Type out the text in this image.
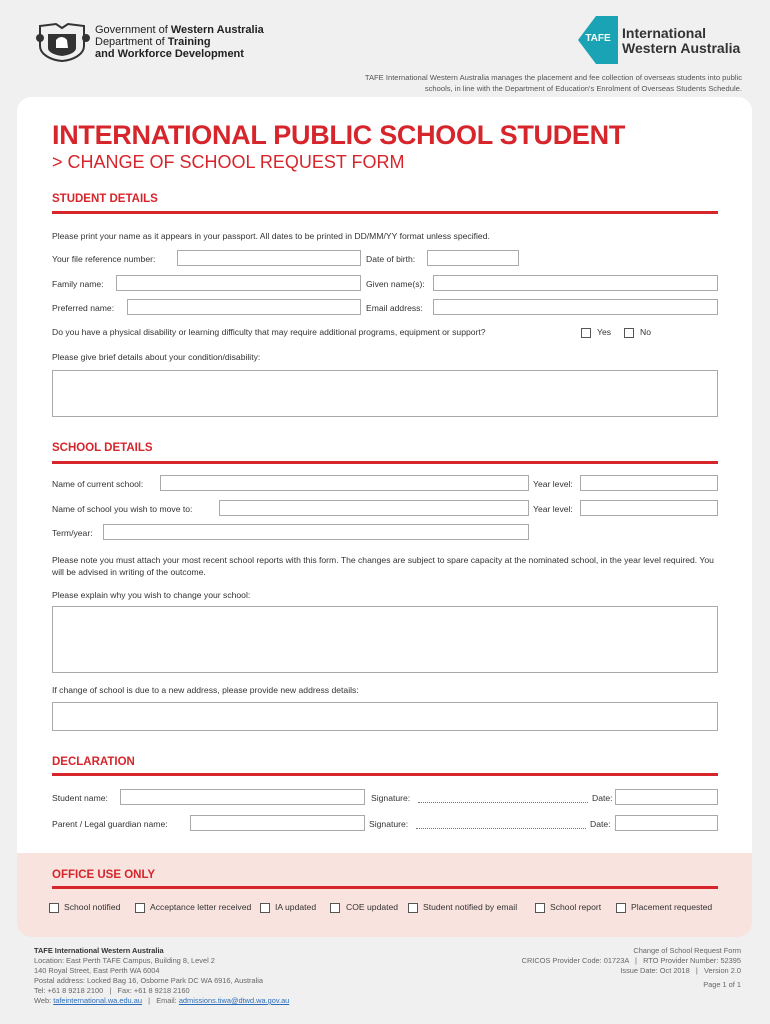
Government of Western Australia
Department of Training
and Workforce Development
TAFE International
Western Australia
TAFE International Western Australia manages the placement and fee collection of overseas students into public schools, in line with the Department of Education's Enrolment of Overseas Students Schedule.
INTERNATIONAL PUBLIC SCHOOL STUDENT
> CHANGE OF SCHOOL REQUEST FORM
STUDENT DETAILS
Please print your name as it appears in your passport. All dates to be printed in DD/MM/YY format unless specified.
Your file reference number:	Date of birth:
Family name:	Given name(s):
Preferred name:	Email address:
Do you have a physical disability or learning difficulty that may require additional programs, equipment or support?	Yes	No
Please give brief details about your condition/disability:
SCHOOL DETAILS
Name of current school:	Year level:
Name of school you wish to move to:	Year level:
Term/year:
Please note you must attach your most recent school reports with this form. The changes are subject to spare capacity at the nominated school, in the year level required. You will be advised in writing of the outcome.
Please explain why you wish to change your school:
If change of school is due to a new address, please provide new address details:
DECLARATION
Student name:	Signature:	Date:
Parent / Legal guardian name:	Signature:	Date:
OFFICE USE ONLY
School notified	Acceptance letter received	IA updated	COE updated	Student notified by email	School report	Placement requested
TAFE International Western Australia
Location: East Perth TAFE Campus, Building 8, Level 2
140 Royal Street, East Perth WA 6004
Postal address: Locked Bag 16, Osborne Park DC WA 6916, Australia
Tel: +61 8 9218 2100   |   Fax: +61 8 9218 2160
Web: tafeinternational.wa.edu.au   |   Email: admissions.tiwa@dtwd.wa.gov.au
Change of School Request Form
CRICOS Provider Code: 01723A   |   RTO Provider Number: 52395
Issue Date: Oct 2018   |   Version 2.0
Page 1 of 1
